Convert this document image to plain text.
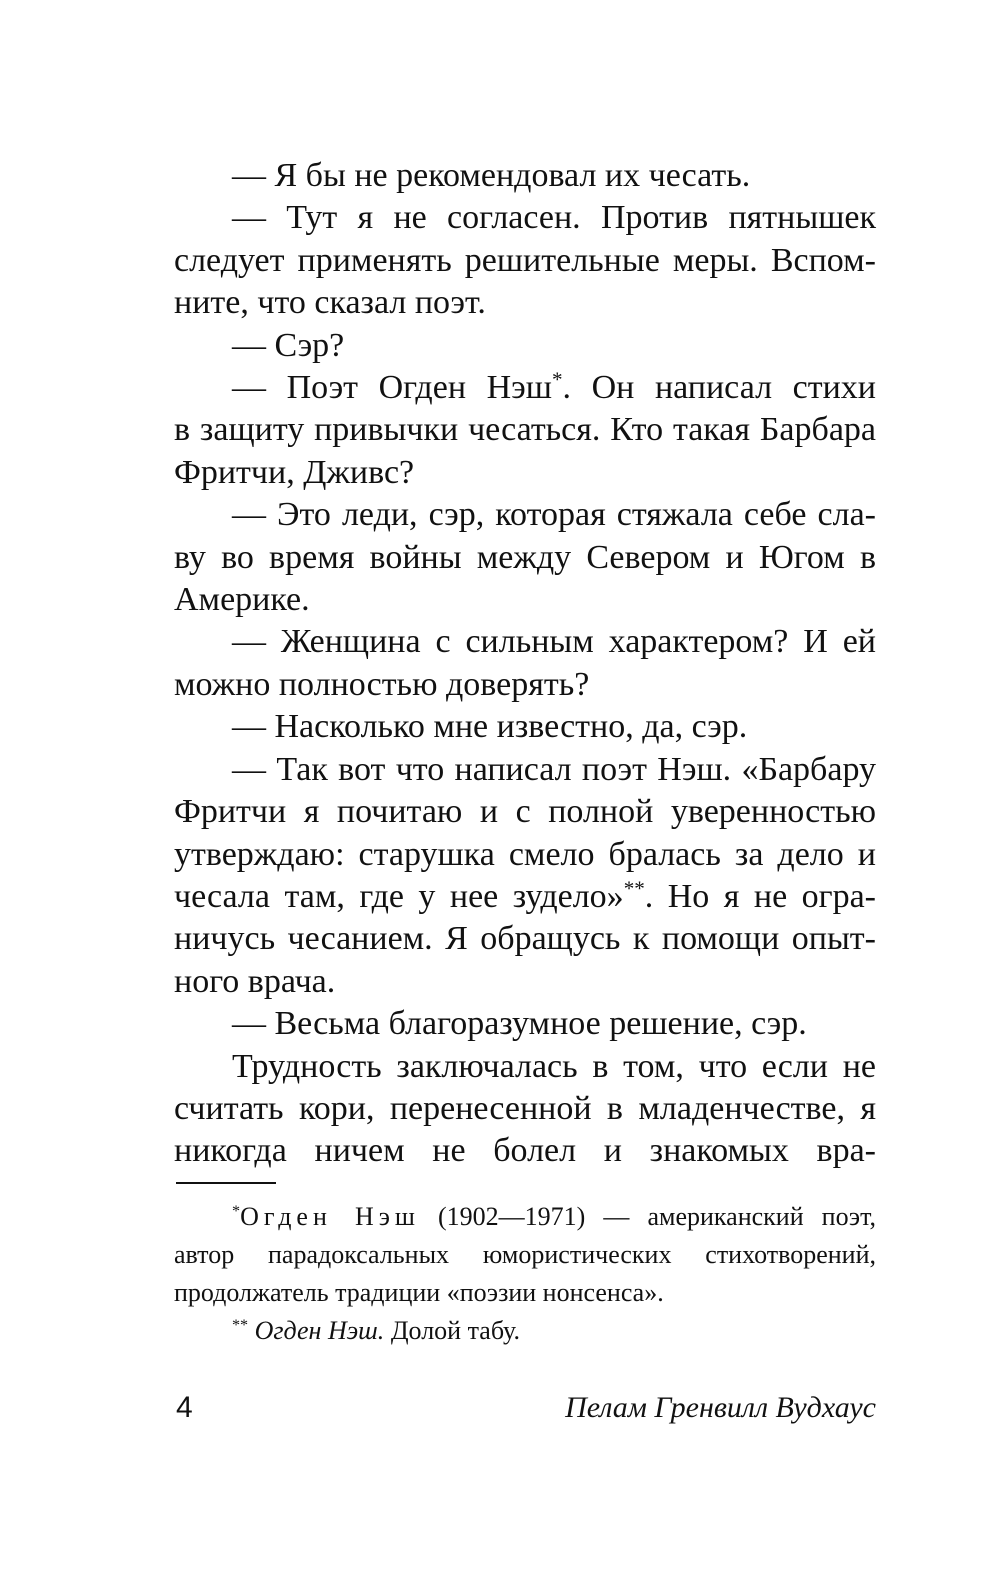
— Я бы не рекомендовал их чесать.

— Тут я не согласен. Против пятнышек следует применять решительные меры. Вспомните, что сказал поэт.

— Сэр?

— Поэт Огден Нэш*. Он написал стихи

в защиту привычки чесаться. Кто такая Барбара Фритчи, Дживс?

— Это леди, сэр, которая стяжала себе славу во время войны между Севером и Югом в Америке.

— Женщина с сильным характером? И ей можно полностью доверять?

— Насколько мне известно, да, сэр.

— Так вот что написал поэт Нэш. «Барбару Фритчи я почитаю и с полной уверенностью утверждаю: старушка смело бралась за дело и чесала там, где у нее зудело»**. Но я не ограничусь чесанием. Я обращусь к помощи опытного врача.

— Весьма благоразумное решение, сэр.

Трудность заключалась в том, что если не считать кори, перенесенной в младенчестве, я никогда ничем не болел и знакомых вра-

*Огден Нэш (1902—1971) — американский поэт, автор парадоксальных юмористических стихотворений, продолжатель традиции «поэзии нонсенса».

** Огден Нэш. Долой табу.

4	Пелам Гренвилл Вудхаус
